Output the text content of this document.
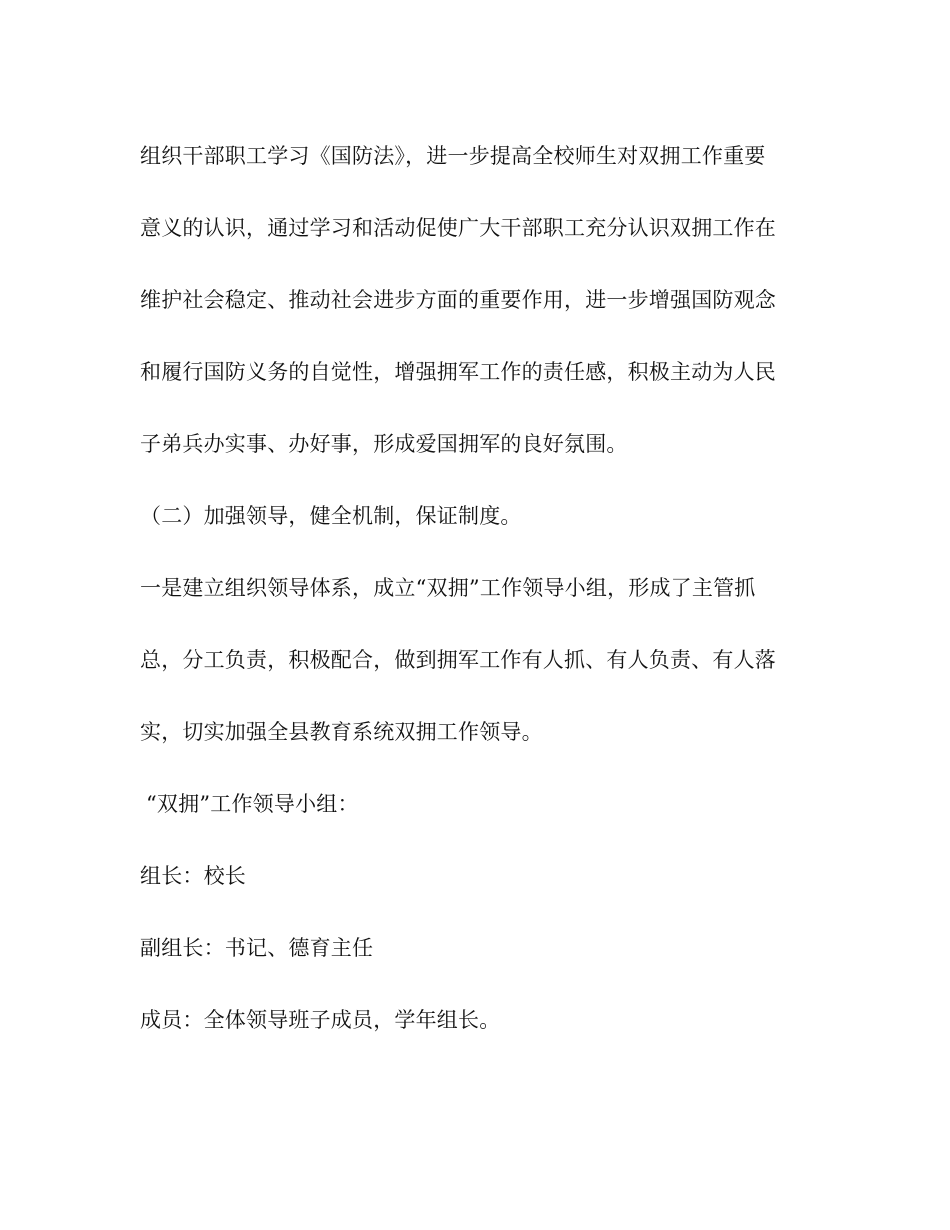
组织干部职工学习《国防法》，进一步提高全校师生对双拥工作重要
意义的认识，通过学习和活动促使广大干部职工充分认识双拥工作在
维护社会稳定、推动社会进步方面的重要作用，进一步增强国防观念
和履行国防义务的自觉性，增强拥军工作的责任感，积极主动为人民
子弟兵办实事、办好事，形成爱国拥军的良好氛围。
（二）加强领导，健全机制，保证制度。
一是建立组织领导体系，成立“双拥”工作领导小组，形成了主管抓
总，分工负责，积极配合，做到拥军工作有人抓、有人负责、有人落
实，切实加强全县教育系统双拥工作领导。
“双拥”工作领导小组：
组长：校长
副组长：书记、德育主任
成员：全体领导班子成员，学年组长。
